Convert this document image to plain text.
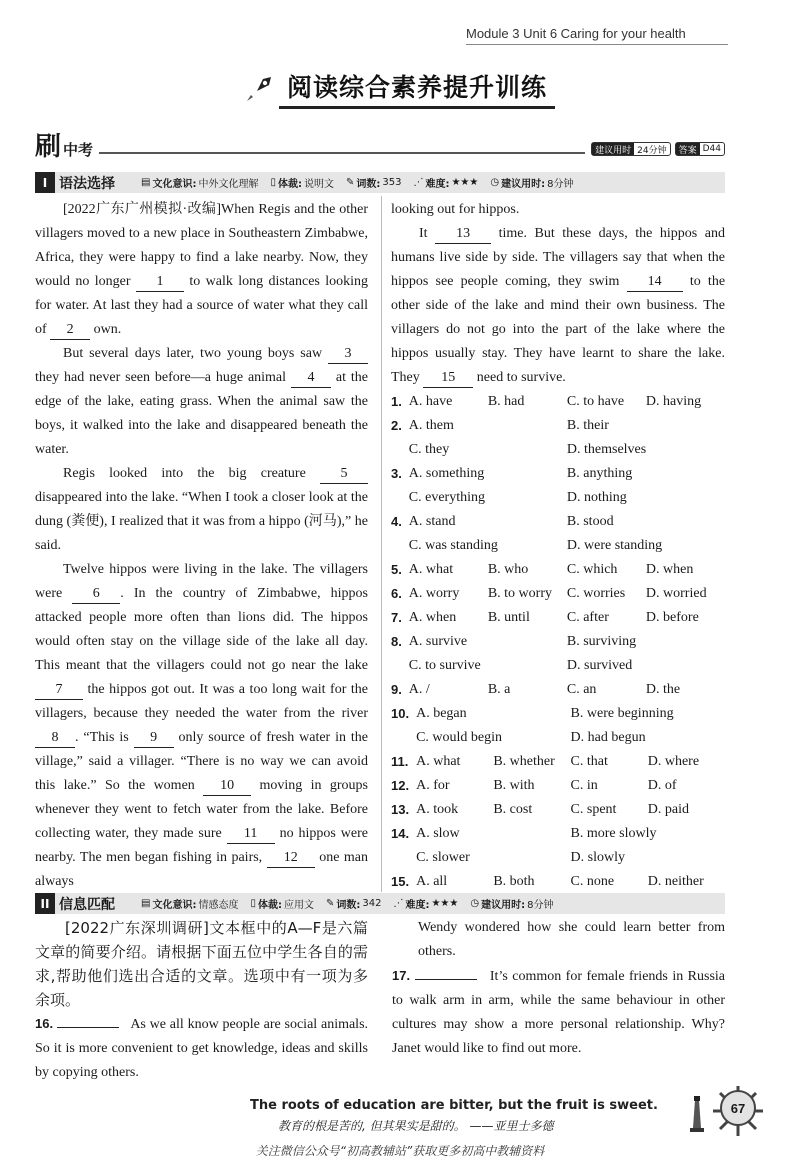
Module 3 Unit 6 Caring for your health
阅读综合素养提升训练
刷 中考	建议用时 24分钟	答案 D44
I 语法选择	▤ 文化意识: 中外文化理解 ▯ 体裁: 说明文 ✎ 词数: 353 ⋰ 难度: ★★★ ◷ 建议用时: 8分钟

[2022广东广州模拟·改编]When Regis and the other villagers moved to a new place in Southeastern Zimbabwe, Africa, they were happy to find a lake nearby. Now, they would no longer 1 to walk long distances looking for water. At last they had a source of water what they call of 2 own.

But several days later, two young boys saw 3 they had never seen before—a huge animal 4 at the edge of the lake, eating grass. When the animal saw the boys, it walked into the lake and disappeared beneath the water.

Regis looked into the big creature 5 disappeared into the lake. “When I took a closer look at the dung (粪便), I realized that it was from a hippo (河马),” he said.

Twelve hippos were living in the lake. The villagers were 6 . In the country of Zimbabwe, hippos attacked people more often than lions did. The hippos would often stay on the village side of the lake all day. This meant that the villagers could not go near the lake 7 the hippos got out. It was a too long wait for the villagers, because they needed the water from the river 8 . “This is 9 only source of fresh water in the village,” said a villager. “There is no way we can avoid this lake.” So the women 10 moving in groups whenever they went to fetch water from the lake. Before collecting water, they made sure 11 no hippos were nearby. The men began fishing in pairs, 12 one man always

looking out for hippos.

It 13 time. But these days, the hippos and humans live side by side. The villagers say that when the hippos see people coming, they swim 14 to the other side of the lake and mind their own business. The villagers do not go into the part of the lake where the hippos usually stay. They have learnt to share the lake. They 15 need to survive.

1. A. have	B. had	C. to have	D. having
2. A. them	B. their
C. they	D. themselves
3. A. something	B. anything
C. everything	D. nothing
4. A. stand	B. stood
C. was standing	D. were standing
5. A. what	B. who	C. which	D. when
6. A. worry	B. to worry	C. worries	D. worried
7. A. when	B. until	C. after	D. before
8. A. survive	B. surviving
C. to survive	D. survived
9. A. /	B. a	C. an	D. the
10. A. began	B. were beginning
C. would begin	D. had begun
11. A. what	B. whether	C. that	D. where
12. A. for	B. with	C. in	D. of
13. A. took	B. cost	C. spent	D. paid
14. A. slow	B. more slowly
C. slower	D. slowly
15. A. all	B. both	C. none	D. neither
II 信息匹配	▤ 文化意识: 情感态度 ▯ 体裁: 应用文 ✎ 词数: 342 ⋰ 难度: ★★★ ◷ 建议用时: 8分钟

[2022广东深圳调研]文本框中的A—F是六篇文章的简要介绍。请根据下面五位中学生各自的需求,帮助他们选出合适的文章。选项中有一项为多余项。

16.	As we all know people are social animals. So it is more convenient to get knowledge, ideas and skills by copying others.

Wendy wondered how she could learn better from others.

17.	It’s common for female friends in Russia to walk arm in arm, while the same behaviour in other cultures may show a more personal relationship. Why? Janet would like to find out more.

The roots of education are bitter, but the fruit is sweet.
教育的根是苦的, 但其果实是甜的。 ——亚里士多德
67
关注微信公众号“初高教辅站”获取更多初高中教辅资料
